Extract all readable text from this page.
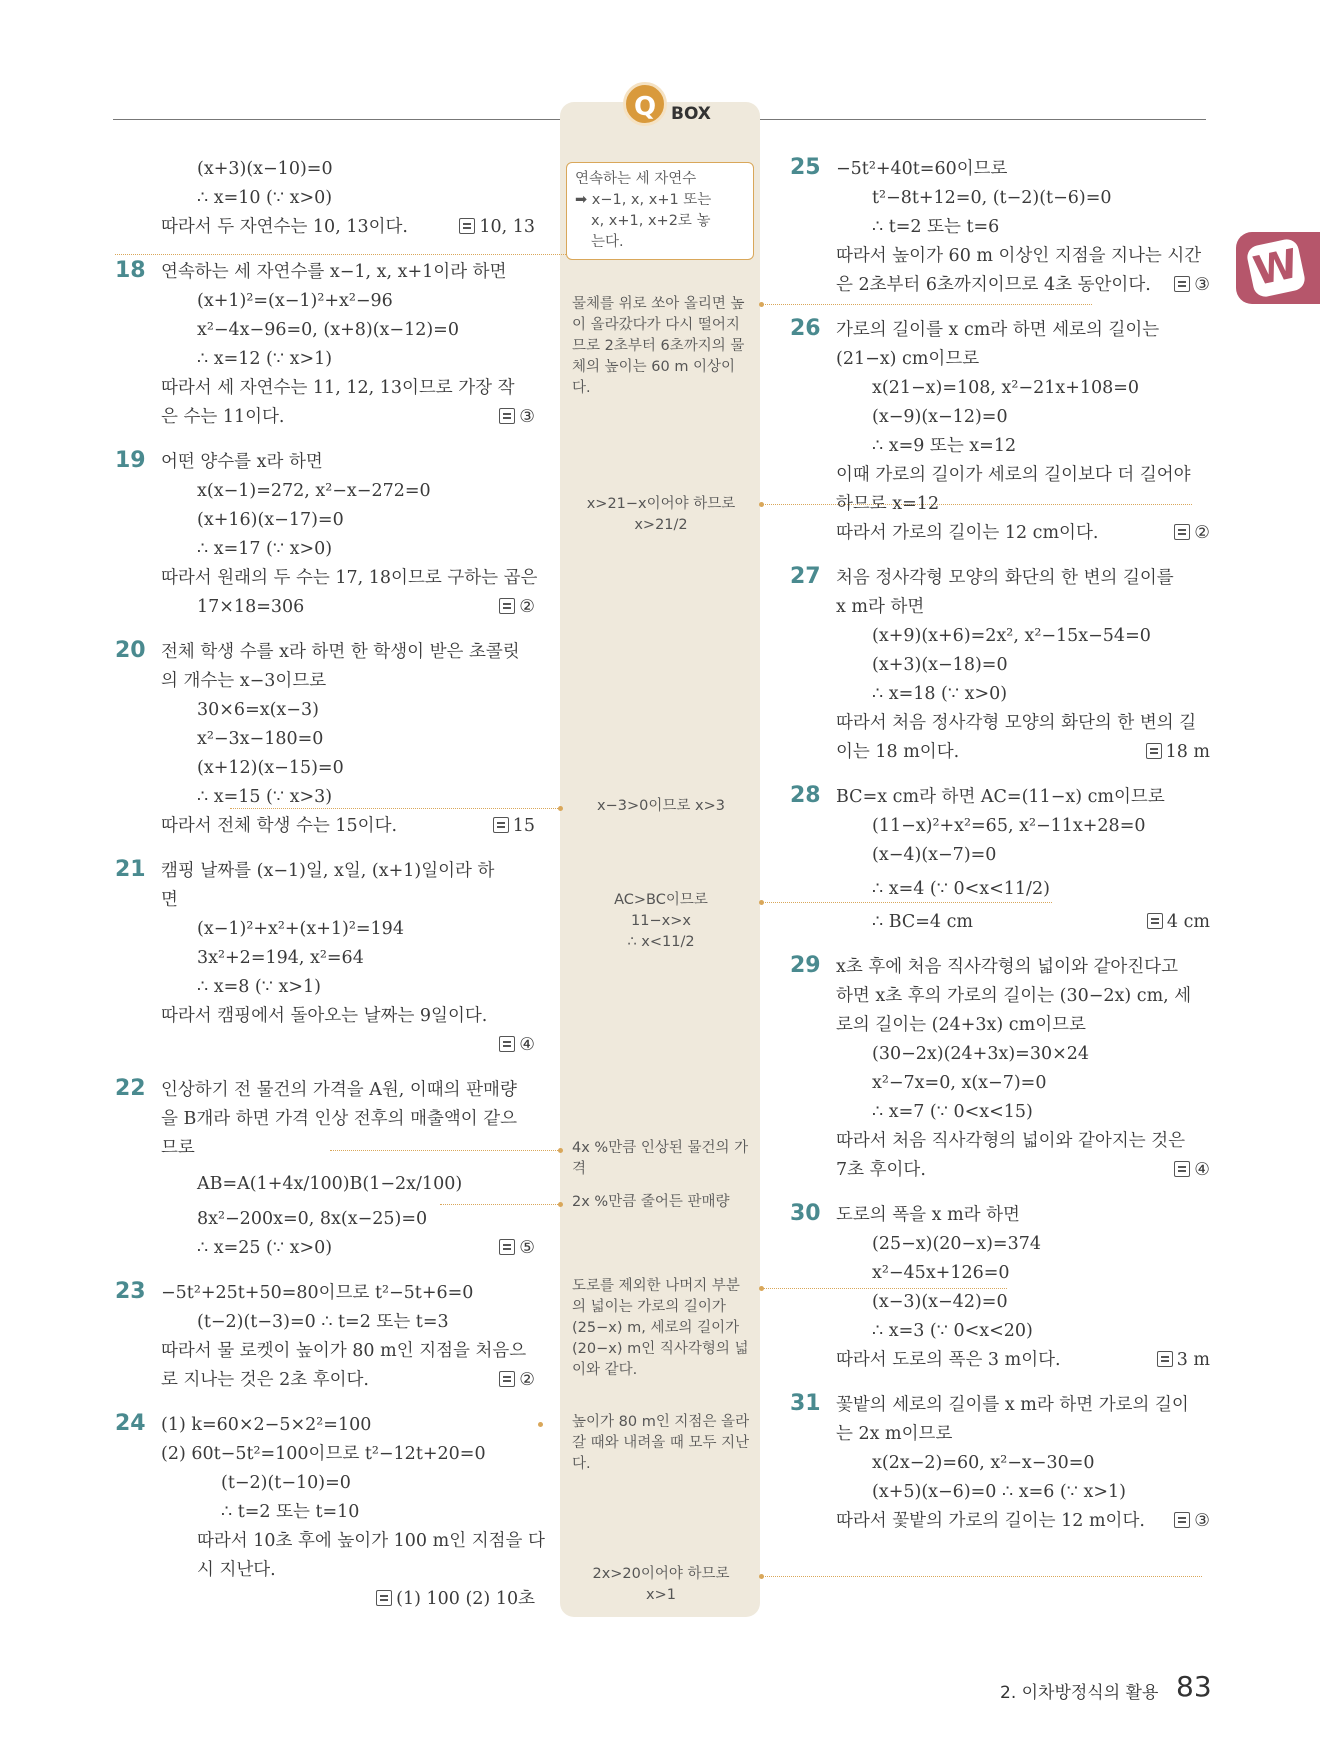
Q BOX
W
(x+3)(x−10)=0
∴ x=10 (∵ x>0)
따라서 두 자연수는 10, 13이다.	10, 13
18 연속하는 세 자연수를 x−1, x, x+1이라 하면
(x+1)²=(x−1)²+x²−96
x²−4x−96=0, (x+8)(x−12)=0
∴ x=12 (∵ x>1)
따라서 세 자연수는 11, 12, 13이므로 가장 작
은 수는 11이다.	③
19 어떤 양수를 x라 하면
x(x−1)=272, x²−x−272=0
(x+16)(x−17)=0
∴ x=17 (∵ x>0)
따라서 원래의 두 수는 17, 18이므로 구하는 곱은
17×18=306	②
20 전체 학생 수를 x라 하면 한 학생이 받은 초콜릿
의 개수는 x−3이므로
30×6=x(x−3)
x²−3x−180=0
(x+12)(x−15)=0
∴ x=15 (∵ x>3)
따라서 전체 학생 수는 15이다.	15
21 캠핑 날짜를 (x−1)일, x일, (x+1)일이라 하
면
(x−1)²+x²+(x+1)²=194
3x²+2=194, x²=64
∴ x=8 (∵ x>1)
따라서 캠핑에서 돌아오는 날짜는 9일이다.
④
22 인상하기 전 물건의 가격을 A원, 이때의 판매량
을 B개라 하면 가격 인상 전후의 매출액이 같으
므로
AB=A(1+4x/100)B(1−2x/100)
8x²−200x=0, 8x(x−25)=0
∴ x=25 (∵ x>0)	⑤
23 −5t²+25t+50=80이므로 t²−5t+6=0
(t−2)(t−3)=0 ∴ t=2 또는 t=3
따라서 물 로켓이 높이가 80 m인 지점을 처음으
로 지나는 것은 2초 후이다.	②
24 (1) k=60×2−5×2²=100
(2) 60t−5t²=100이므로 t²−12t+20=0
(t−2)(t−10)=0
∴ t=2 또는 t=10
따라서 10초 후에 높이가 100 m인 지점을 다
시 지난다.
(1) 100 (2) 10초
연속하는 세 자연수
➡ x−1, x, x+1 또는
x, x+1, x+2로 놓
는다.
물체를 위로 쏘아 올리면 높이 올라갔다가 다시 떨어지므로 2초부터 6초까지의 물체의 높이는 60 m 이상이다.
x>21−x이어야 하므로
x>21/2
x−3>0이므로 x>3
AC>BC이므로
11−x>x
∴ x<11/2
4x %만큼 인상된 물건의 가격
2x %만큼 줄어든 판매량
도로를 제외한 나머지 부분의 넓이는 가로의 길이가 (25−x) m, 세로의 길이가 (20−x) m인 직사각형의 넓이와 같다.
높이가 80 m인 지점은 올라갈 때와 내려올 때 모두 지난다.
2x>20이어야 하므로
x>1
25 −5t²+40t=60이므로
t²−8t+12=0, (t−2)(t−6)=0
∴ t=2 또는 t=6
따라서 높이가 60 m 이상인 지점을 지나는 시간
은 2초부터 6초까지이므로 4초 동안이다.	③
26 가로의 길이를 x cm라 하면 세로의 길이는
(21−x) cm이므로
x(21−x)=108, x²−21x+108=0
(x−9)(x−12)=0
∴ x=9 또는 x=12
이때 가로의 길이가 세로의 길이보다 더 길어야
하므로 x=12
따라서 가로의 길이는 12 cm이다.	②
27 처음 정사각형 모양의 화단의 한 변의 길이를
x m라 하면
(x+9)(x+6)=2x², x²−15x−54=0
(x+3)(x−18)=0
∴ x=18 (∵ x>0)
따라서 처음 정사각형 모양의 화단의 한 변의 길
이는 18 m이다.	18 m
28 BC=x cm라 하면 AC=(11−x) cm이므로
(11−x)²+x²=65, x²−11x+28=0
(x−4)(x−7)=0
∴ x=4 (∵ 0<x<11/2)
∴ BC=4 cm	4 cm
29 x초 후에 처음 직사각형의 넓이와 같아진다고
하면 x초 후의 가로의 길이는 (30−2x) cm, 세
로의 길이는 (24+3x) cm이므로
(30−2x)(24+3x)=30×24
x²−7x=0, x(x−7)=0
∴ x=7 (∵ 0<x<15)
따라서 처음 직사각형의 넓이와 같아지는 것은
7초 후이다.	④
30 도로의 폭을 x m라 하면
(25−x)(20−x)=374
x²−45x+126=0
(x−3)(x−42)=0
∴ x=3 (∵ 0<x<20)
따라서 도로의 폭은 3 m이다.	3 m
31 꽃밭의 세로의 길이를 x m라 하면 가로의 길이
는 2x m이므로
x(2x−2)=60, x²−x−30=0
(x+5)(x−6)=0 ∴ x=6 (∵ x>1)
따라서 꽃밭의 가로의 길이는 12 m이다.	③
2. 이차방정식의 활용 83
